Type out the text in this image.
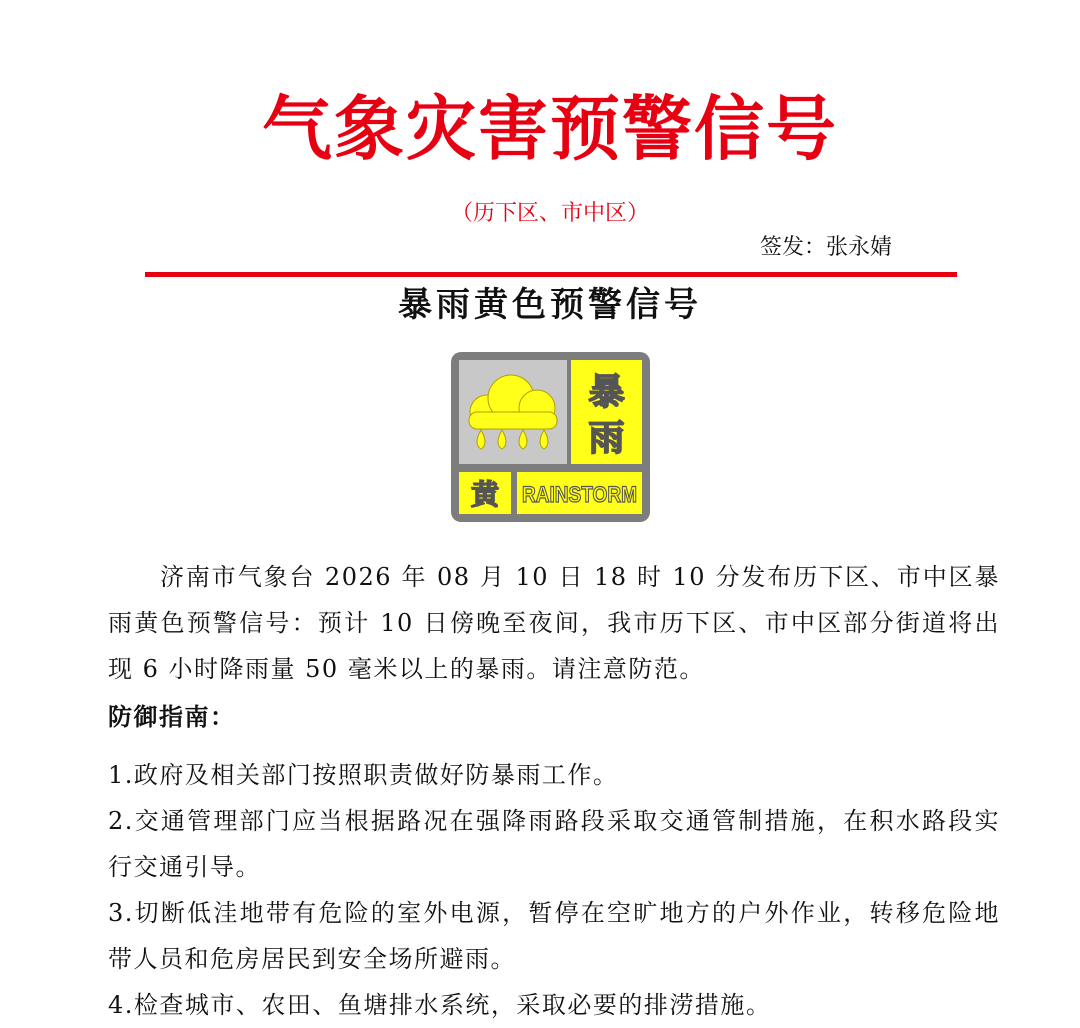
气象灾害预警信号
（历下区、市中区）
签发：张永婧
暴雨黄色预警信号
暴
雨
黄 RAINSTORM

济南市气象台 2026 年 08 月 10 日 18 时 10 分发布历下区、市中区暴雨黄色预警信号：预计 10 日傍晚至夜间，我市历下区、市中区部分街道将出现 6 小时降雨量 50 毫米以上的暴雨。请注意防范。

防御指南：
1.政府及相关部门按照职责做好防暴雨工作。
2.交通管理部门应当根据路况在强降雨路段采取交通管制措施，在积水路段实行交通引导。
3.切断低洼地带有危险的室外电源，暂停在空旷地方的户外作业，转移危险地带人员和危房居民到安全场所避雨。
4.检查城市、农田、鱼塘排水系统，采取必要的排涝措施。
